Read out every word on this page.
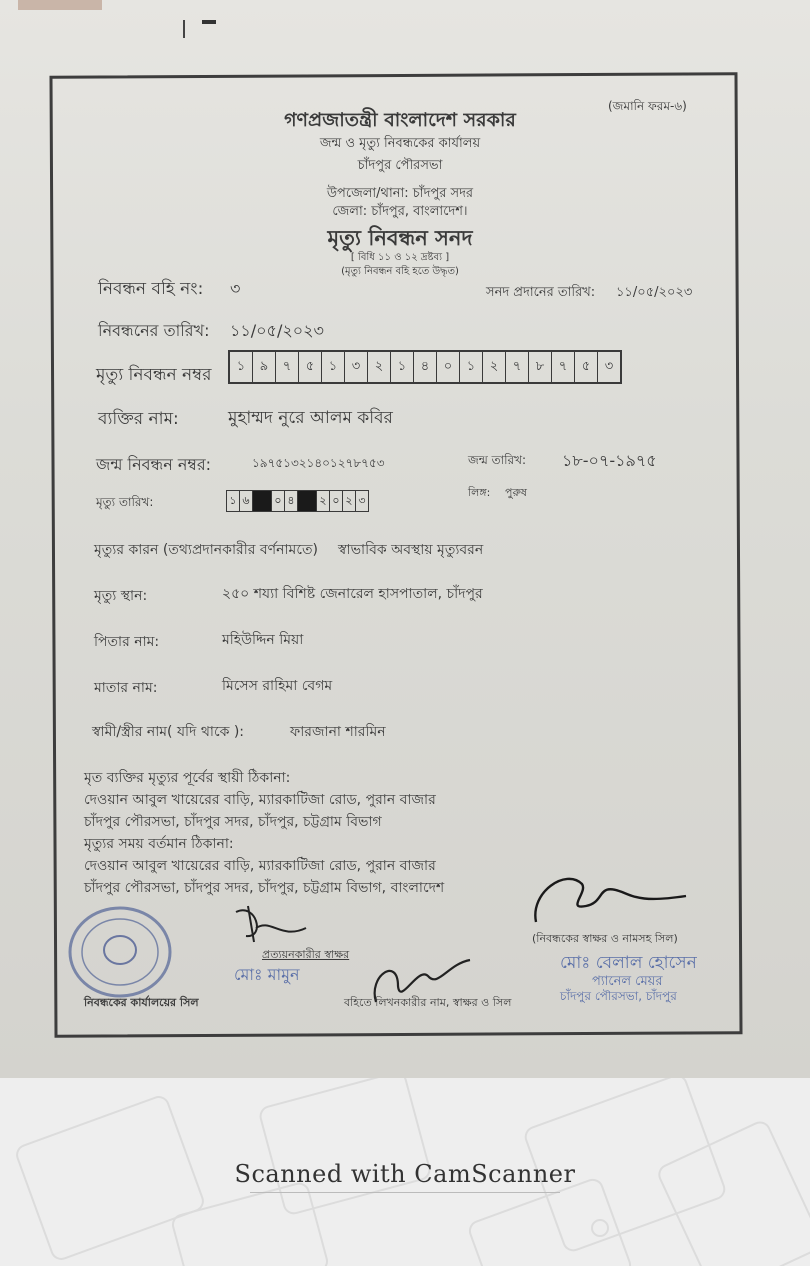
(জমানি ফরম-৬)
গণপ্রজাতন্ত্রী বাংলাদেশ সরকার
জন্ম ও মৃত্যু নিবন্ধকের কার্যালয়
চাঁদপুর পৌরসভা
উপজেলা/থানা: চাঁদপুর সদর
জেলা: চাঁদপুর, বাংলাদেশ।
মৃত্যু নিবন্ধন সনদ
[ বিধি ১১ ও ১২ দ্রষ্টব্য ]
(মৃত্যু নিবন্ধন বহি হতে উদ্ধৃত)
নিবন্ধন বহি নং: ৩	সনদ প্রদানের তারিখ: ১১/০৫/২০২৩
নিবন্ধনের তারিখ: ১১/০৫/২০২৩
মৃত্যু নিবন্ধন নম্বর	১	৯	৭	৫	১	৩	২	১	৪	০	১	২	৭	৮	৭	৫	৩
ব্যক্তির নাম:	মুহাম্মদ নুরে আলম কবির
জন্ম নিবন্ধন নম্বর:	১৯৭৫১৩২১৪০১২৭৮৭৫৩	জন্ম তারিখ: ১৮-০৭-১৯৭৫
মৃত্যু তারিখ:	১ ৬	০ ৪	২ ০ ২ ৩
লিঙ্গ: পুরুষ
মৃত্যুর কারন (তথ্যপ্রদানকারীর বর্ণনামতে) স্বাভাবিক অবস্থায় মৃত্যুবরন
মৃত্যু স্থান:	২৫০ শয্যা বিশিষ্ট জেনারেল হাসপাতাল, চাঁদপুর
পিতার নাম:	মহিউদ্দিন মিয়া
মাতার নাম:	মিসেস রাহিমা বেগম
স্বামী/স্ত্রীর নাম( যদি থাকে ):	ফারজানা শারমিন
মৃত ব্যক্তির মৃত্যুর পূর্বের স্থায়ী ঠিকানা:
দেওয়ান আবুল খায়েরের বাড়ি, ম্যারকাটিজা রোড, পুরান বাজার
চাঁদপুর পৌরসভা, চাঁদপুর সদর, চাঁদপুর, চট্টগ্রাম বিভাগ
মৃত্যুর সময় বর্তমান ঠিকানা:
দেওয়ান আবুল খায়েরের বাড়ি, ম্যারকাটিজা রোড, পুরান বাজার
চাঁদপুর পৌরসভা, চাঁদপুর সদর, চাঁদপুর, চট্টগ্রাম বিভাগ, বাংলাদেশ
প্রত্যয়নকারীর স্বাক্ষর
মোঃ মামুন
(নিবন্ধকের স্বাক্ষর ও নামসহ সিল)
মোঃ বেলাল হোসেন
প্যানেল মেয়র
চাঁদপুর পৌরসভা, চাঁদপুর
নিবন্ধকের কার্যালয়ের সিল	বহিতে লিখনকারীর নাম, স্বাক্ষর ও সিল
Scanned with CamScanner
